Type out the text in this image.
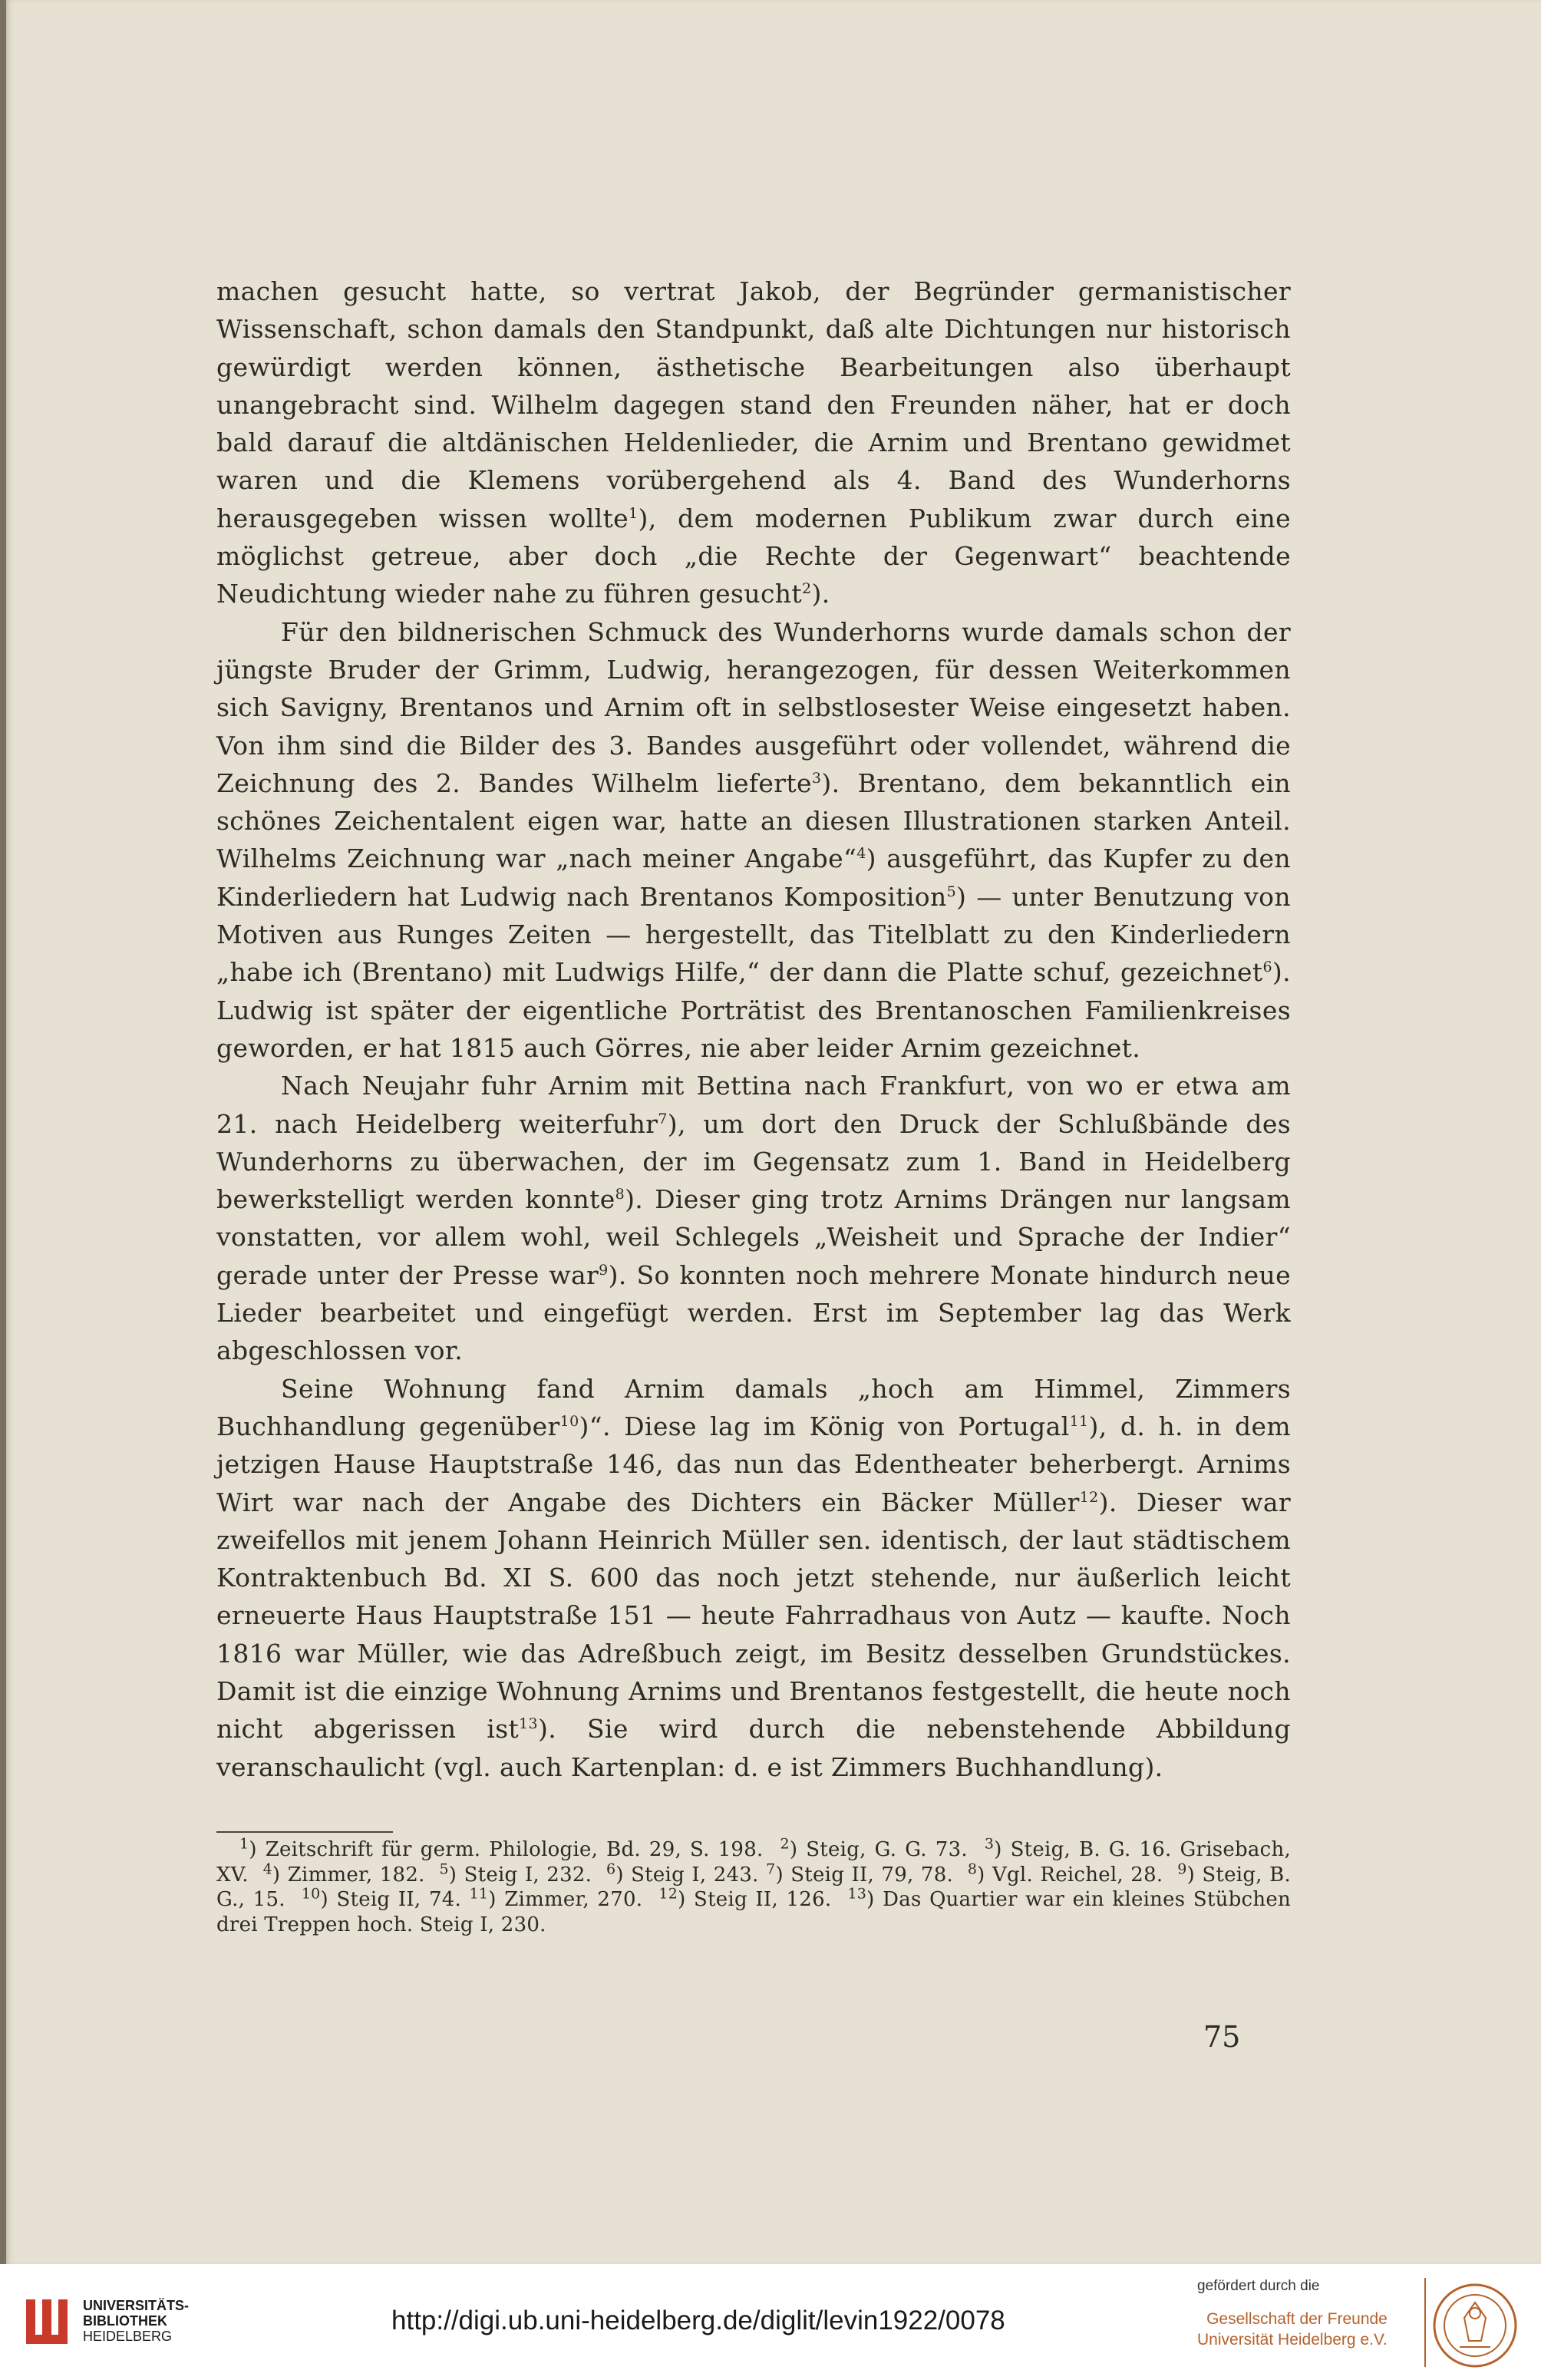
machen gesucht hatte, so vertrat Jakob, der Begründer germanistischer Wissenschaft, schon damals den Standpunkt, daß alte Dichtungen nur historisch gewürdigt werden können, ästhetische Bearbeitungen also überhaupt unangebracht sind. Wilhelm dagegen stand den Freunden näher, hat er doch bald darauf die altdänischen Heldenlieder, die Arnim und Brentano gewidmet waren und die Klemens vorübergehend als 4. Band des Wunderhorns herausgegeben wissen wollte$^1$), dem modernen Publikum zwar durch eine möglichst getreue, aber doch „die Rechte der Gegenwart“ beachtende Neudichtung wieder nahe zu führen gesucht$^2$).

Für den bildnerischen Schmuck des Wunderhorns wurde damals schon der jüngste Bruder der Grimm, Ludwig, herangezogen, für dessen Weiterkommen sich Savigny, Brentanos und Arnim oft in selbstlosester Weise eingesetzt haben. Von ihm sind die Bilder des 3. Bandes ausgeführt oder vollendet, während die Zeichnung des 2. Bandes Wilhelm lieferte$^3$). Brentano, dem bekanntlich ein schönes Zeichentalent eigen war, hatte an diesen Illustrationen starken Anteil. Wilhelms Zeichnung war „nach meiner Angabe“$^4$) ausgeführt, das Kupfer zu den Kinderliedern hat Ludwig nach Brentanos Komposition$^5$) — unter Benutzung von Motiven aus Runges Zeiten — hergestellt, das Titelblatt zu den Kinderliedern „habe ich (Brentano) mit Ludwigs Hilfe,“ der dann die Platte schuf, gezeichnet$^6$). Ludwig ist später der eigentliche Porträtist des Brentanoschen Familienkreises geworden, er hat 1815 auch Görres, nie aber leider Arnim gezeichnet.

Nach Neujahr fuhr Arnim mit Bettina nach Frankfurt, von wo er etwa am 21. nach Heidelberg weiterfuhr$^7$), um dort den Druck der Schlußbände des Wunderhorns zu überwachen, der im Gegensatz zum 1. Band in Heidelberg bewerkstelligt werden konnte$^8$). Dieser ging trotz Arnims Drängen nur langsam vonstatten, vor allem wohl, weil Schlegels „Weisheit und Sprache der Indier“ gerade unter der Presse war$^9$). So konnten noch mehrere Monate hindurch neue Lieder bearbeitet und eingefügt werden. Erst im September lag das Werk abgeschlossen vor.

Seine Wohnung fand Arnim damals „hoch am Himmel, Zimmers Buchhandlung gegenüber$^{10}$)“. Diese lag im König von Portugal$^{11}$), d. h. in dem jetzigen Hause Hauptstraße 146, das nun das Edentheater beherbergt. Arnims Wirt war nach der Angabe des Dichters ein Bäcker Müller$^{12}$). Dieser war zweifellos mit jenem Johann Heinrich Müller sen. identisch, der laut städtischem Kontraktenbuch Bd. XI S. 600 das noch jetzt stehende, nur äußerlich leicht erneuerte Haus Hauptstraße 151 — heute Fahrradhaus von Autz — kaufte. Noch 1816 war Müller, wie das Adreßbuch zeigt, im Besitz desselben Grundstückes. Damit ist die einzige Wohnung Arnims und Brentanos festgestellt, die heute noch nicht abgerissen ist$^{13}$). Sie wird durch die nebenstehende Abbildung veranschaulicht (vgl. auch Kartenplan: d. e ist Zimmers Buchhandlung).

$^1$) Zeitschrift für germ. Philologie, Bd. 29, S. 198. $^2$) Steig, G. G. 73. $^3$) Steig, B. G. 16. Grisebach, XV. $^4$) Zimmer, 182. $^5$) Steig I, 232. $^6$) Steig I, 243. $^7$) Steig II, 79, 78. $^8$) Vgl. Reichel, 28. $^9$) Steig, B. G., 15. $^{10}$) Steig II, 74. $^{11}$) Zimmer, 270. $^{12}$) Steig II, 126. $^{13}$) Das Quartier war ein kleines Stübchen drei Treppen hoch. Steig I, 230.

75
UNIVERSITÄTS-
BIBLIOTHEK
HEIDELBERG
http://digi.ub.uni-heidelberg.de/diglit/levin1922/0078
gefördert durch die
Gesellschaft der Freunde
Universität Heidelberg e.V.
